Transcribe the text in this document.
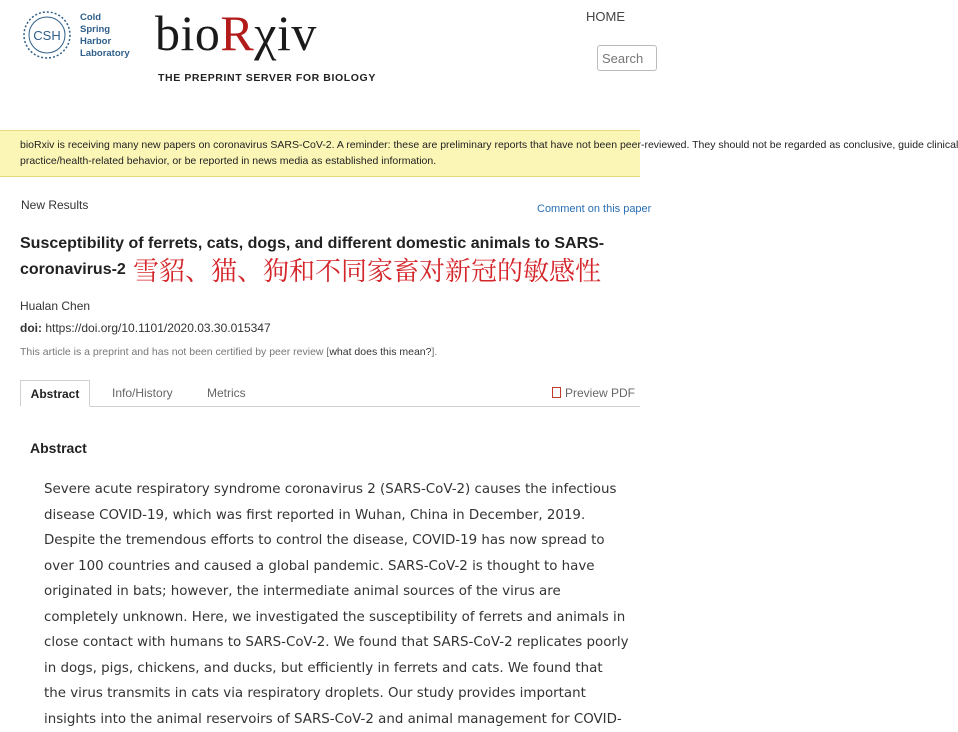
CSH
Cold
Spring
Harbor
Laboratory bioRχiv
THE PREPRINT SERVER FOR BIOLOGY
HOME
Search
bioRxiv is receiving many new papers on coronavirus SARS-CoV-2. A reminder: these are preliminary reports that have not been peer-reviewed. They should not be regarded as conclusive, guide clinical
practice/health-related behavior, or be reported in news media as established information.
New Results	Comment on this paper
Susceptibility of ferrets, cats, dogs, and different domestic animals to SARS-
coronavirus-2
Hualan Chen
doi: https://doi.org/10.1101/2020.03.30.015347
雪貂、猫、狗和不同家畜对新冠的敏感性
This article is a preprint and has not been certified by peer review [what does this mean?].
Abstract	Info/History	Metrics	Preview PDF
Abstract
Severe acute respiratory syndrome coronavirus 2 (SARS-CoV-2) causes the infectious
disease COVID-19, which was first reported in Wuhan, China in December, 2019.
Despite the tremendous efforts to control the disease, COVID-19 has now spread to
over 100 countries and caused a global pandemic. SARS-CoV-2 is thought to have
originated in bats; however, the intermediate animal sources of the virus are
completely unknown. Here, we investigated the susceptibility of ferrets and animals in
close contact with humans to SARS-CoV-2. We found that SARS-CoV-2 replicates poorly
in dogs, pigs, chickens, and ducks, but efficiently in ferrets and cats. We found that
the virus transmits in cats via respiratory droplets. Our study provides important
insights into the animal reservoirs of SARS-CoV-2 and animal management for COVID-
